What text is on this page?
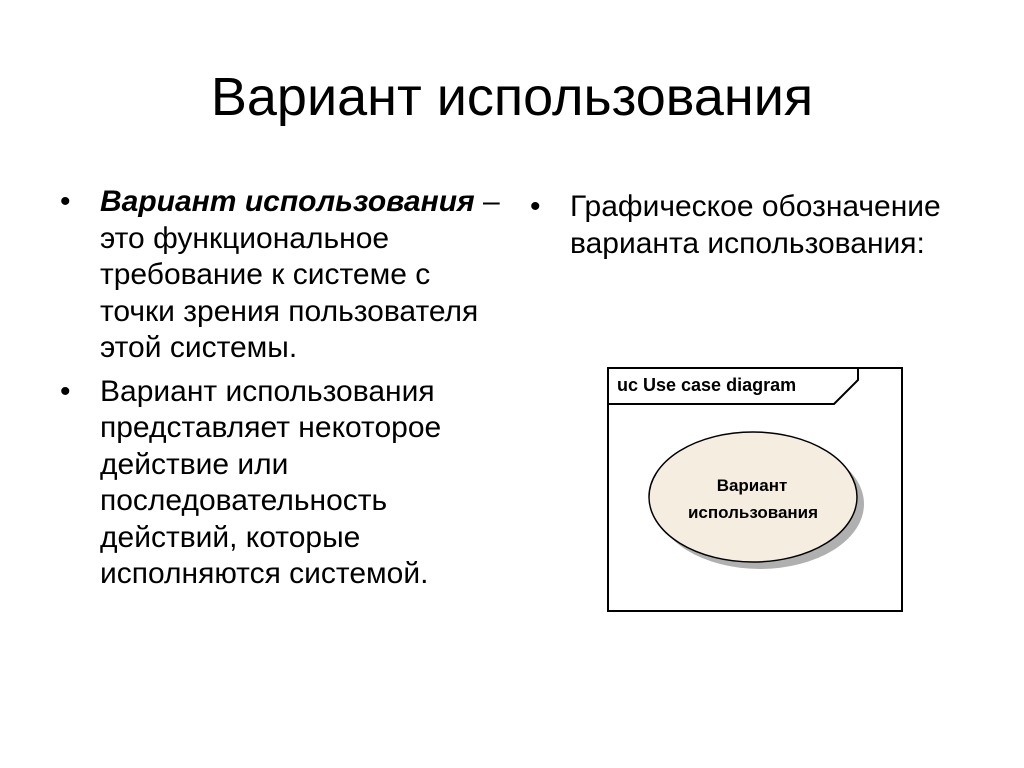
Вариант использования
• Вариант использования – это функциональное требование к системе с точки зрения пользователя этой системы.
• Вариант использования представляет некоторое действие или последовательность действий, которые исполняются системой.
• Графическое обозначение варианта использования:
uc Use case diagram
Вариант
использования
